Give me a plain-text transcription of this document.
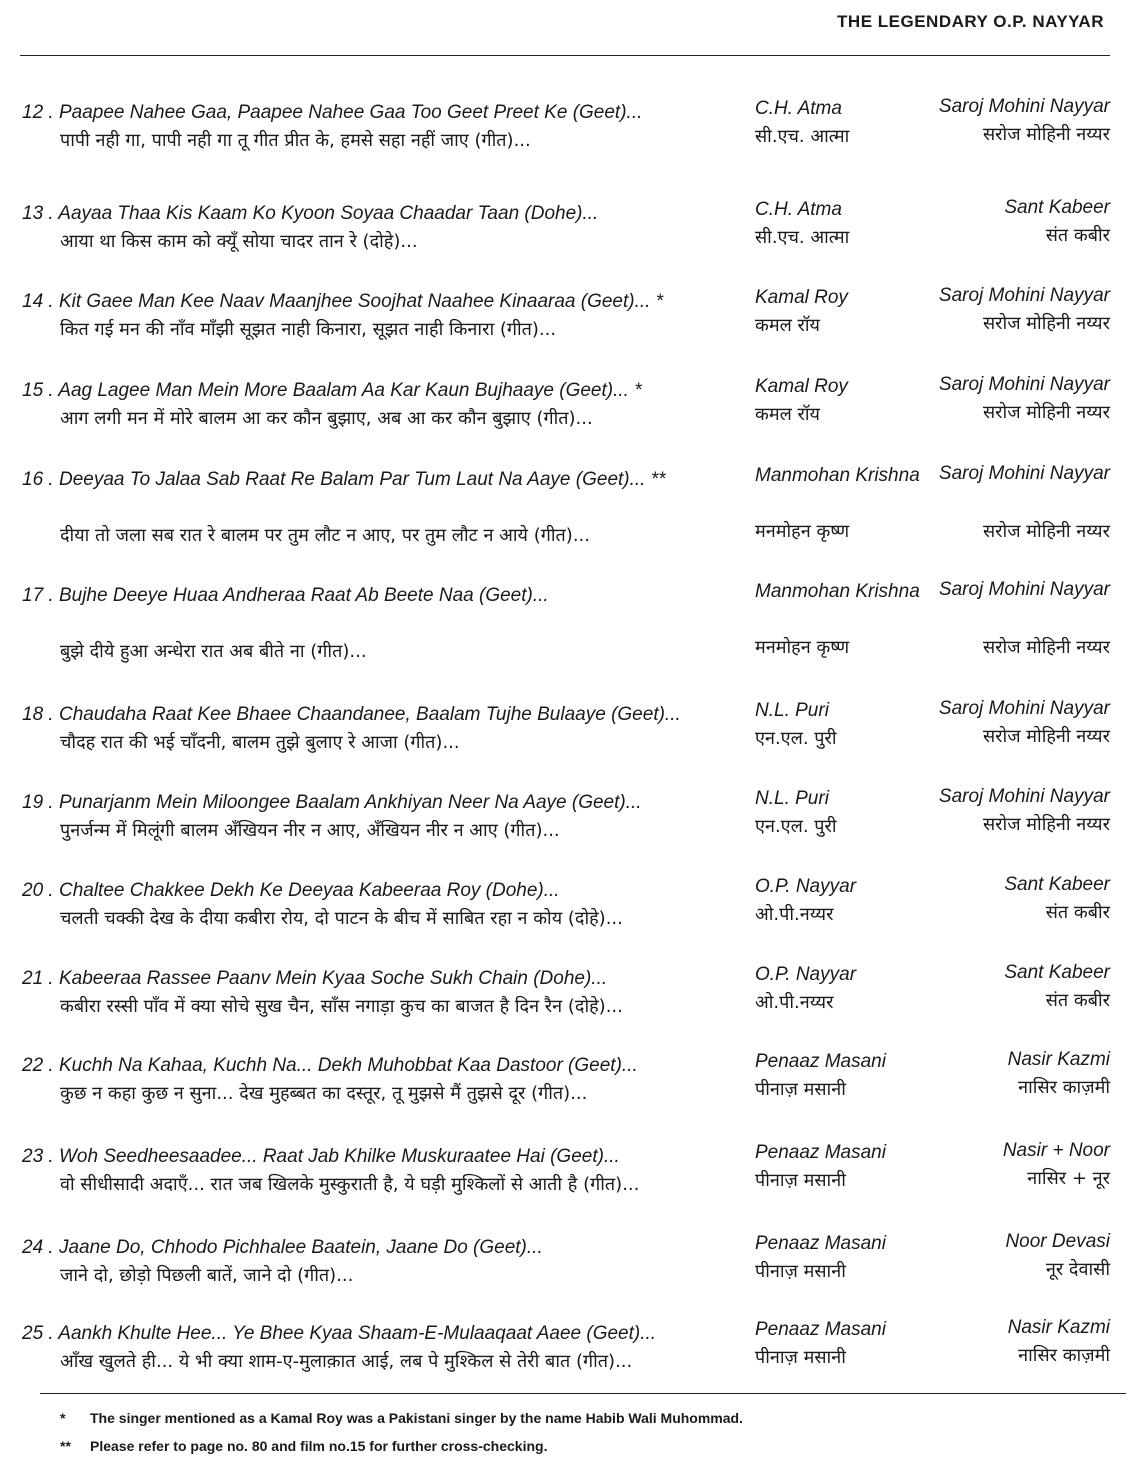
THE LEGENDARY O.P. NAYYAR
12 . Paapee Nahee Gaa, Paapee Nahee Gaa Too Geet Preet Ke (Geet)...
पापी नही गा, पापी नही गा तू गीत प्रीत के, हमसे सहा नहीं जाए (गीत)...
C.H. Atma
सी.एच. आत्मा
Saroj Mohini Nayyar
सरोज मोहिनी नय्यर
13 . Aayaa Thaa Kis Kaam Ko Kyoon Soyaa Chaadar Taan (Dohe)...
आया था किस काम को क्यूँ सोया चादर तान रे (दोहे)...
C.H. Atma
सी.एच. आत्मा
Sant Kabeer
संत कबीर
14 . Kit Gaee Man Kee Naav Maanjhee Soojhat Naahee Kinaaraa (Geet)... *
कित गई मन की नाँव माँझी सूझत नाही किनारा, सूझत नाही किनारा (गीत)...
Kamal Roy
कमल रॉय
Saroj Mohini Nayyar
सरोज मोहिनी नय्यर
15 . Aag Lagee Man Mein More Baalam Aa Kar Kaun Bujhaaye (Geet)... *
आग लगी मन में मोरे बालम आ कर कौन बुझाए, अब आ कर कौन बुझाए (गीत)...
Kamal Roy
कमल रॉय
Saroj Mohini Nayyar
सरोज मोहिनी नय्यर
16 . Deeyaa To Jalaa Sab Raat Re Balam Par Tum Laut Na Aaye (Geet)... **
दीया तो जला सब रात रे बालम पर तुम लौट न आए, पर तुम लौट न आये (गीत)...
Manmohan Krishna
मनमोहन कृष्ण
Saroj Mohini Nayyar
सरोज मोहिनी नय्यर
17 . Bujhe Deeye Huaa Andheraa Raat Ab Beete Naa (Geet)...
बुझे दीये हुआ अन्धेरा रात अब बीते ना (गीत)...
Manmohan Krishna
मनमोहन कृष्ण
Saroj Mohini Nayyar
सरोज मोहिनी नय्यर
18 . Chaudaha Raat Kee Bhaee Chaandanee, Baalam Tujhe Bulaaye (Geet)...
चौदह रात की भई चाँदनी, बालम तुझे बुलाए रे आजा (गीत)...
N.L. Puri
एन.एल. पुरी
Saroj Mohini Nayyar
सरोज मोहिनी नय्यर
19 . Punarjanm Mein Miloongee Baalam Ankhiyan Neer Na Aaye (Geet)...
पुनर्जन्म में मिलूंगी बालम अँखियन नीर न आए, अँखियन नीर न आए (गीत)...
N.L. Puri
एन.एल. पुरी
Saroj Mohini Nayyar
सरोज मोहिनी नय्यर
20 . Chaltee Chakkee Dekh Ke Deeyaa Kabeeraa Roy (Dohe)...
चलती चक्की देख के दीया कबीरा रोय, दो पाटन के बीच में साबित रहा न कोय (दोहे)...
O.P. Nayyar
ओ.पी.नय्यर
Sant Kabeer
संत कबीर
21 . Kabeeraa Rassee Paanv Mein Kyaa Soche Sukh Chain (Dohe)...
कबीरा रस्सी पाँव में क्या सोचे सुख चैन, साँस नगाड़ा कुच का बाजत है दिन रैन (दोहे)...
O.P. Nayyar
ओ.पी.नय्यर
Sant Kabeer
संत कबीर
22 . Kuchh Na Kahaa, Kuchh Na... Dekh Muhobbat Kaa Dastoor (Geet)...
कुछ न कहा कुछ न सुना... देख मुहब्बत का दस्तूर, तू मुझसे मैं तुझसे दूर (गीत)...
Penaaz Masani
पीनाज़ मसानी
Nasir Kazmi
नासिर काज़मी
23 . Woh Seedheesaadee... Raat Jab Khilke Muskuraatee Hai (Geet)...
वो सीधीसादी अदाएँ... रात जब खिलके मुस्कुराती है, ये घड़ी मुश्किलों से आती है (गीत)...
Penaaz Masani
पीनाज़ मसानी
Nasir + Noor
नासिर + नूर
24 . Jaane Do, Chhodo Pichhalee Baatein, Jaane Do (Geet)...
जाने दो, छोड़ो पिछली बातें, जाने दो (गीत)...
Penaaz Masani
पीनाज़ मसानी
Noor Devasi
नूर देवासी
25 . Aankh Khulte Hee... Ye Bhee Kyaa Shaam-E-Mulaaqaat Aaee (Geet)...
आँख खुलते ही... ये भी क्या शाम-ए-मुलाक़ात आई, लब पे मुश्किल से तेरी बात (गीत)...
Penaaz Masani
पीनाज़ मसानी
Nasir Kazmi
नासिर काज़मी
* The singer mentioned as a Kamal Roy was a Pakistani singer by the name Habib Wali Muhommad.
** Please refer to page no. 80 and film no.15 for further cross-checking.
